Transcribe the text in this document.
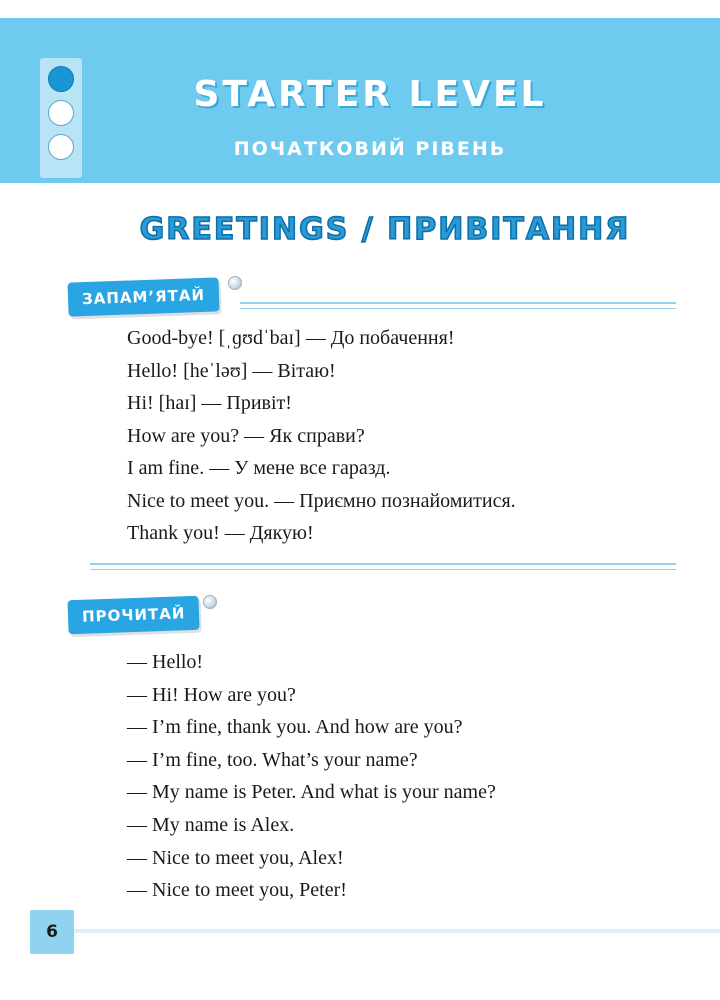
STARTER LEVEL
ПОЧАТКОВИЙ РІВЕНЬ
GREETINGS / ПРИВІТАННЯ
ЗАПАМ’ЯТАЙ
Good-bye! [ˌɡʊdˈbaɪ] — До побачення!
Hello! [heˈləʊ] — Вітаю!
Hi! [haɪ] — Привіт!
How are you? — Як справи?
I am fine. — У мене все гаразд.
Nice to meet you. — Приємно познайомитися.
Thank you! — Дякую!
ПРОЧИТАЙ
— Hello!
— Hi! How are you?
— I’m fine, thank you. And how are you?
— I’m fine, too. What’s your name?
— My name is Peter. And what is your name?
— My name is Alex.
— Nice to meet you, Alex!
— Nice to meet you, Peter!
6
